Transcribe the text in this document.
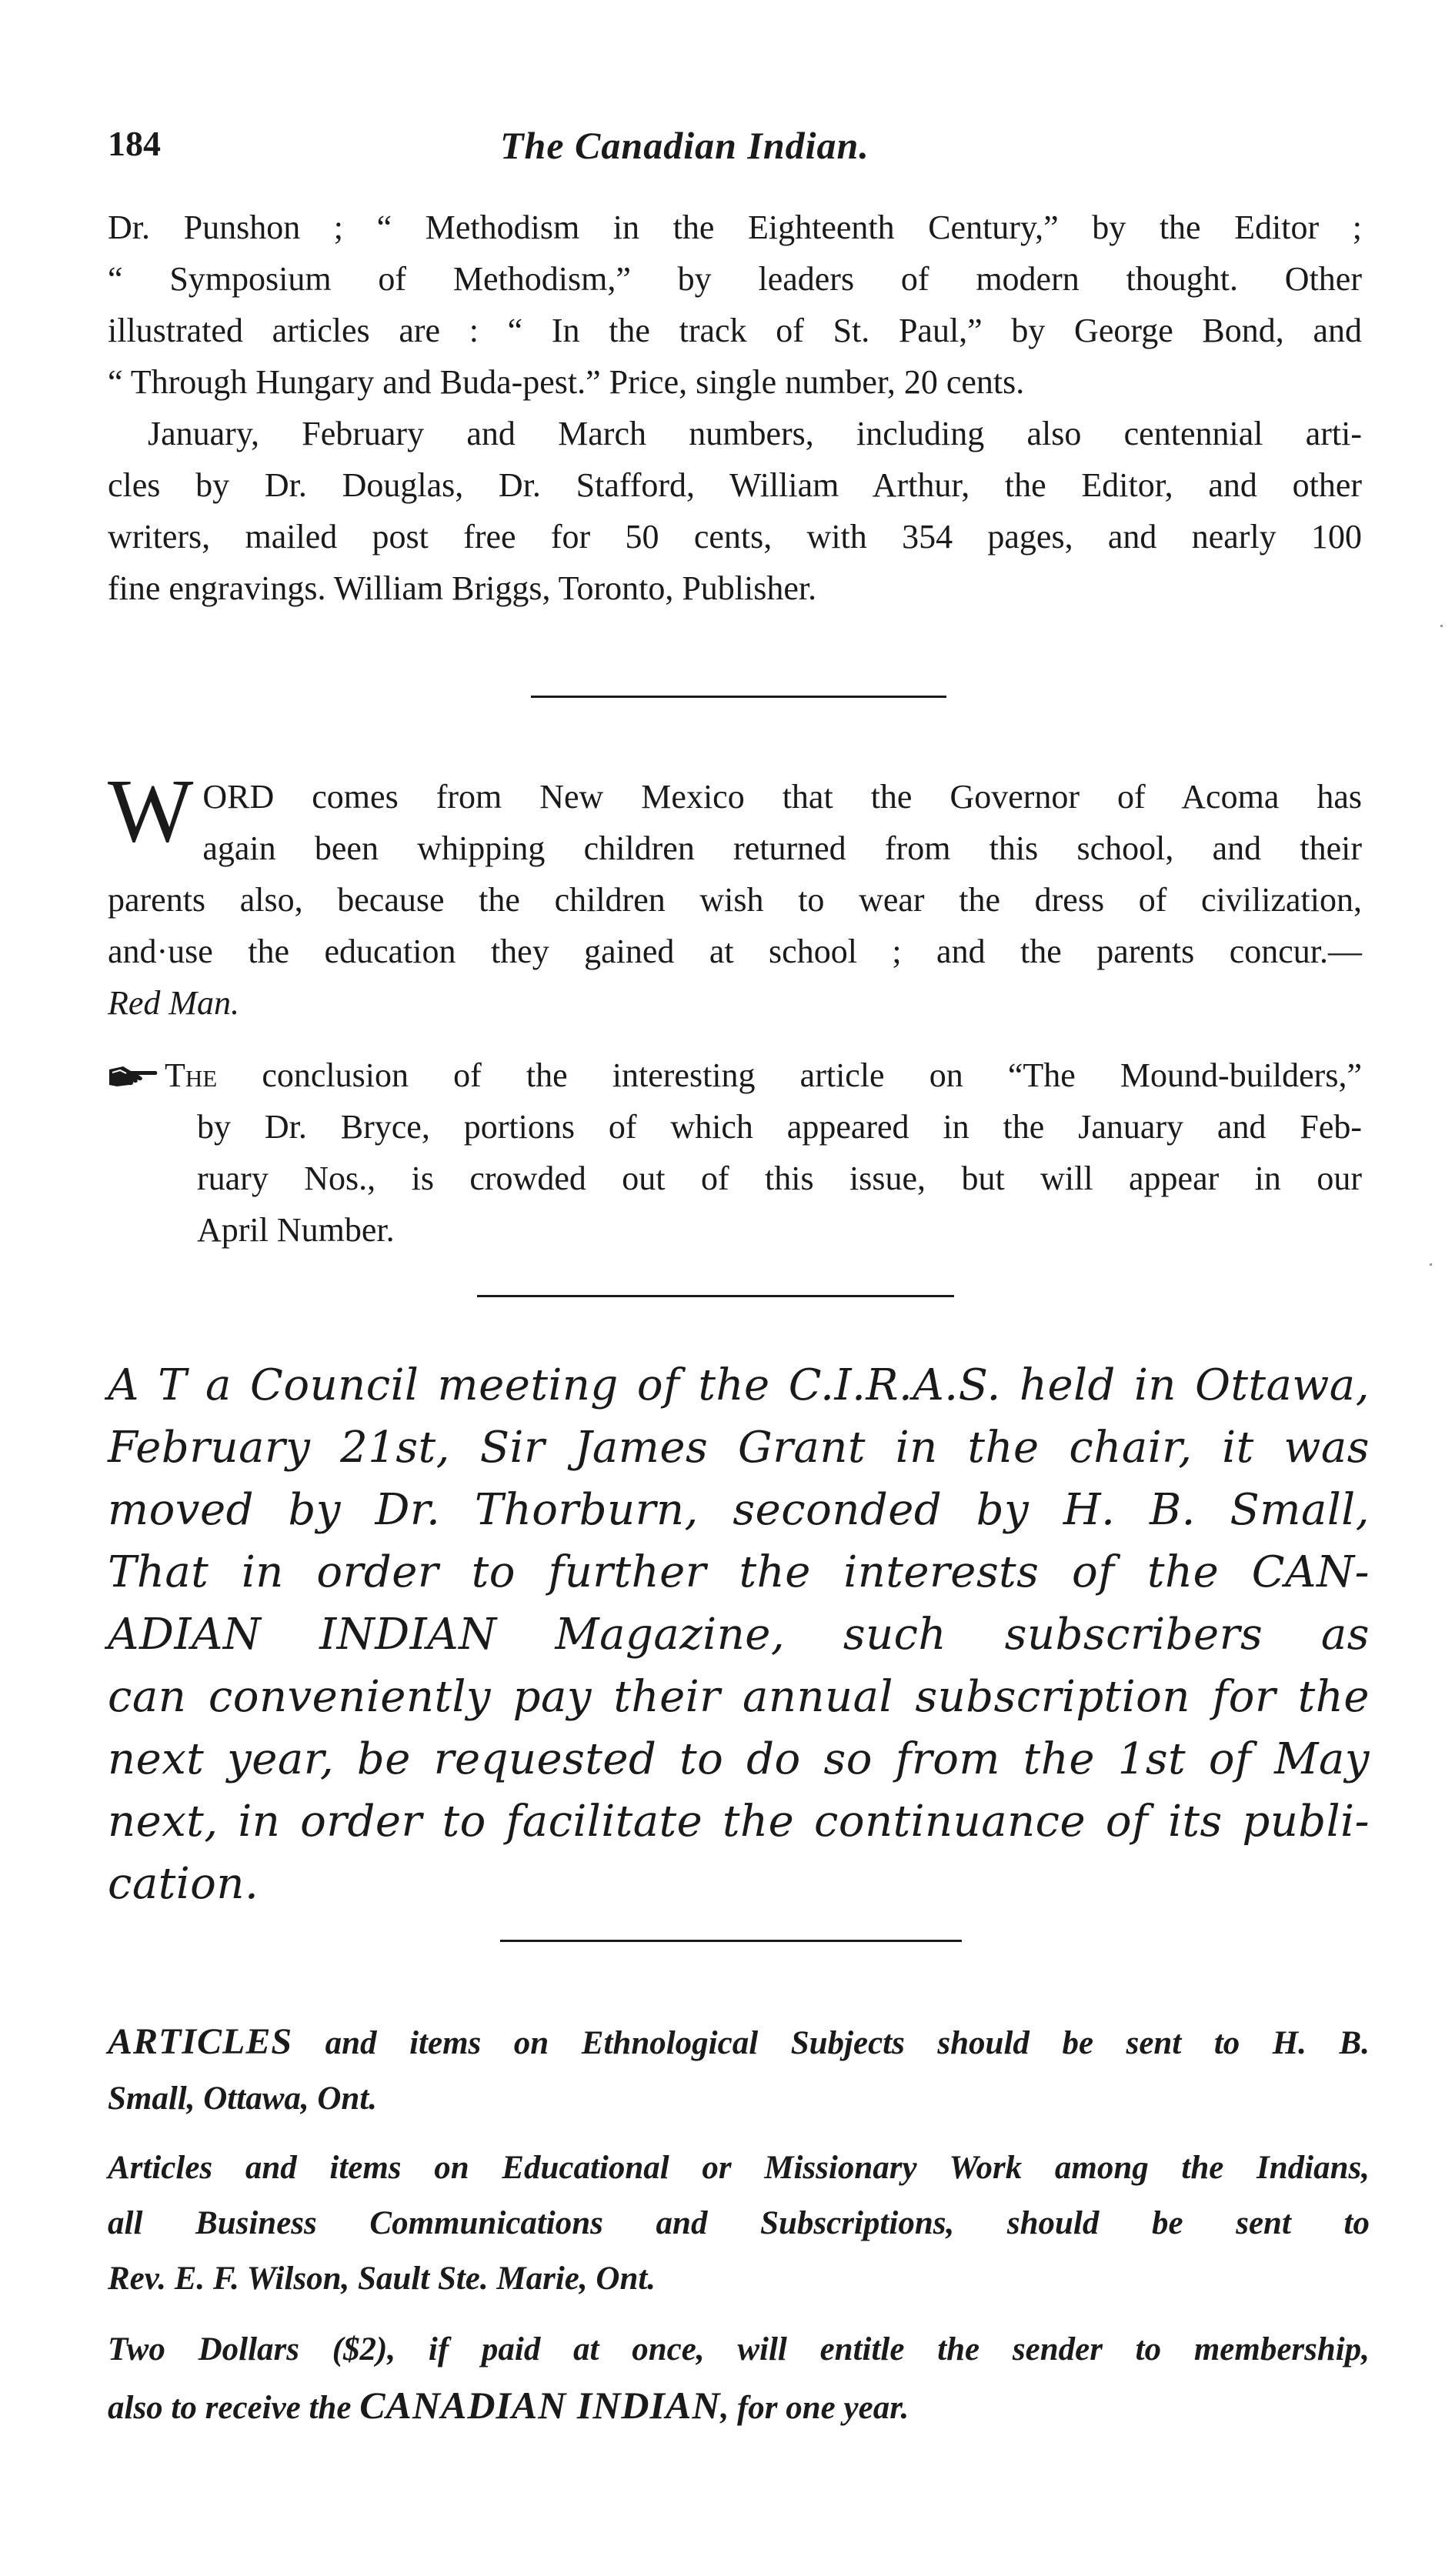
184	The Canadian Indian.

Dr. Punshon ; “ Methodism in the Eighteenth Century,” by the Editor ;

“ Symposium of Methodism,” by leaders of modern thought. Other

illustrated articles are : “ In the track of St. Paul,” by George Bond, and

“ Through Hungary and Buda-pest.” Price, single number, 20 cents.

January, February and March numbers, including also centennial arti-

cles by Dr. Douglas, Dr. Stafford, William Arthur, the Editor, and other

writers, mailed post free for 50 cents, with 354 pages, and nearly 100

fine engravings. William Briggs, Toronto, Publisher.

W ORD comes from New Mexico that the Governor of Acoma has
again been whipping children returned from this school, and their
parents also, because the children wish to wear the dress of civilization,
and·use the education they gained at school ; and the parents concur.—
Red Man.
The conclusion of the interesting article on “The Mound-builders,”
by Dr. Bryce, portions of which appeared in the January and Feb-
ruary Nos., is crowded out of this issue, but will appear in our
April Number.
A T a Council meeting of the C.I.R.A.S. held in Ottawa,
February 21st, Sir James Grant in the chair, it was
moved by Dr. Thorburn, seconded by H. B. Small,
That in order to further the interests of the CAN-
ADIAN INDIAN Magazine, such subscribers as
can conveniently pay their annual subscription for the
next year, be requested to do so from the 1st of May
next, in order to facilitate the continuance of its publi-
cation.
ARTICLES and items on Ethnological Subjects should be sent to H. B.
Small, Ottawa, Ont.
Articles and items on Educational or Missionary Work among the Indians,
all Business Communications and Subscriptions, should be sent to
Rev. E. F. Wilson, Sault Ste. Marie, Ont.
Two Dollars ($2), if paid at once, will entitle the sender to membership,
also to receive the CANADIAN INDIAN, for one year.
